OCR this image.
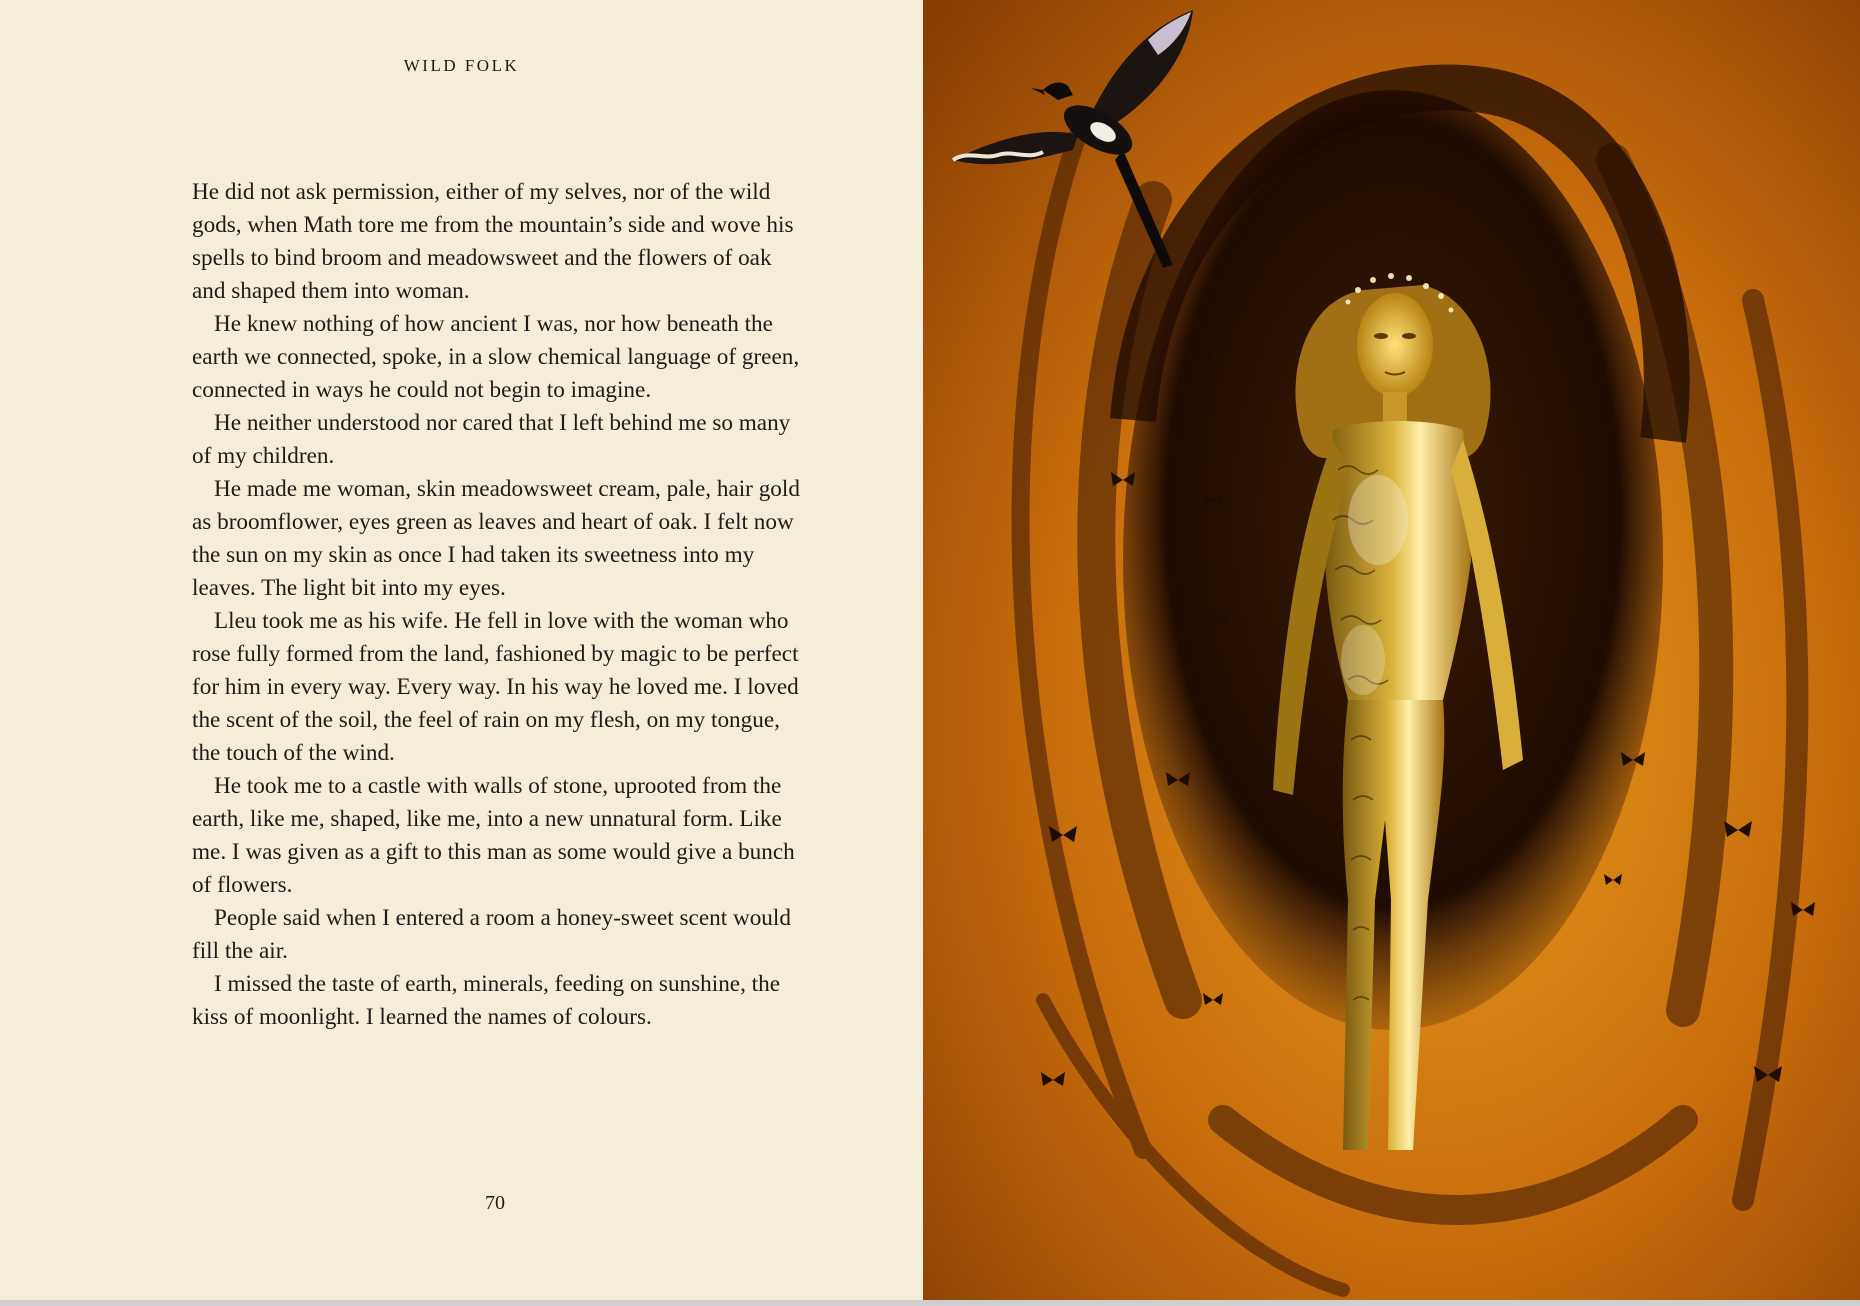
WILD FOLK

He did not ask permission, either of my selves, nor of the wild gods, when Math tore me from the mountain’s side and wove his spells to bind broom and meadowsweet and the flowers of oak and shaped them into woman.

He knew nothing of how ancient I was, nor how beneath the earth we connected, spoke, in a slow chemical language of green, connected in ways he could not begin to imagine.

He neither understood nor cared that I left behind me so many of my children.

He made me woman, skin meadowsweet cream, pale, hair gold as broomflower, eyes green as leaves and heart of oak. I felt now the sun on my skin as once I had taken its sweetness into my leaves. The light bit into my eyes.

Lleu took me as his wife. He fell in love with the woman who rose fully formed from the land, fashioned by magic to be perfect for him in every way. Every way. In his way he loved me. I loved the scent of the soil, the feel of rain on my flesh, on my tongue, the touch of the wind.

He took me to a castle with walls of stone, uprooted from the earth, like me, shaped, like me, into a new unnatural form. Like me. I was given as a gift to this man as some would give a bunch of flowers.

People said when I entered a room a honey-sweet scent would fill the air.

I missed the taste of earth, minerals, feeding on sunshine, the kiss of moonlight. I learned the names of colours.

70
